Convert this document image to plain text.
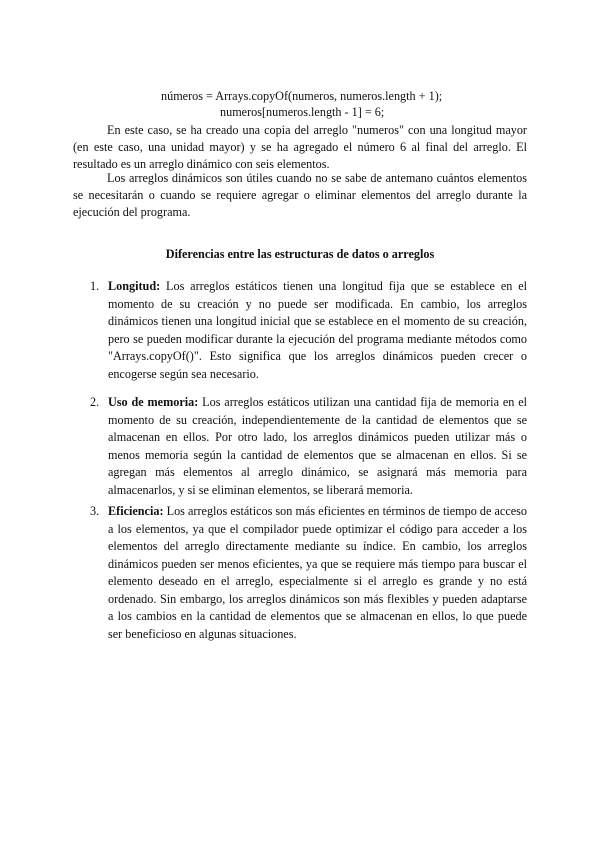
números = Arrays.copyOf(numeros, numeros.length + 1);
numeros[numeros.length - 1] = 6;

En este caso, se ha creado una copia del arreglo "numeros" con una longitud mayor (en este caso, una unidad mayor) y se ha agregado el número 6 al final del arreglo. El resultado es un arreglo dinámico con seis elementos.

Los arreglos dinámicos son útiles cuando no se sabe de antemano cuántos elementos se necesitarán o cuando se requiere agregar o eliminar elementos del arreglo durante la ejecución del programa.

Diferencias entre las estructuras de datos o arreglos
1. Longitud: Los arreglos estáticos tienen una longitud fija que se establece en el momento de su creación y no puede ser modificada. En cambio, los arreglos dinámicos tienen una longitud inicial que se establece en el momento de su creación, pero se pueden modificar durante la ejecución del programa mediante métodos como "Arrays.copyOf()". Esto significa que los arreglos dinámicos pueden crecer o encogerse según sea necesario.

2. Uso de memoria: Los arreglos estáticos utilizan una cantidad fija de memoria en el momento de su creación, independientemente de la cantidad de elementos que se almacenan en ellos. Por otro lado, los arreglos dinámicos pueden utilizar más o menos memoria según la cantidad de elementos que se almacenan en ellos. Si se agregan más elementos al arreglo dinámico, se asignará más memoria para almacenarlos, y si se eliminan elementos, se liberará memoria.

3. Eficiencia: Los arreglos estáticos son más eficientes en términos de tiempo de acceso a los elementos, ya que el compilador puede optimizar el código para acceder a los elementos del arreglo directamente mediante su índice. En cambio, los arreglos dinámicos pueden ser menos eficientes, ya que se requiere más tiempo para buscar el elemento deseado en el arreglo, especialmente si el arreglo es grande y no está ordenado. Sin embargo, los arreglos dinámicos son más flexibles y pueden adaptarse a los cambios en la cantidad de elementos que se almacenan en ellos, lo que puede ser beneficioso en algunas situaciones.
